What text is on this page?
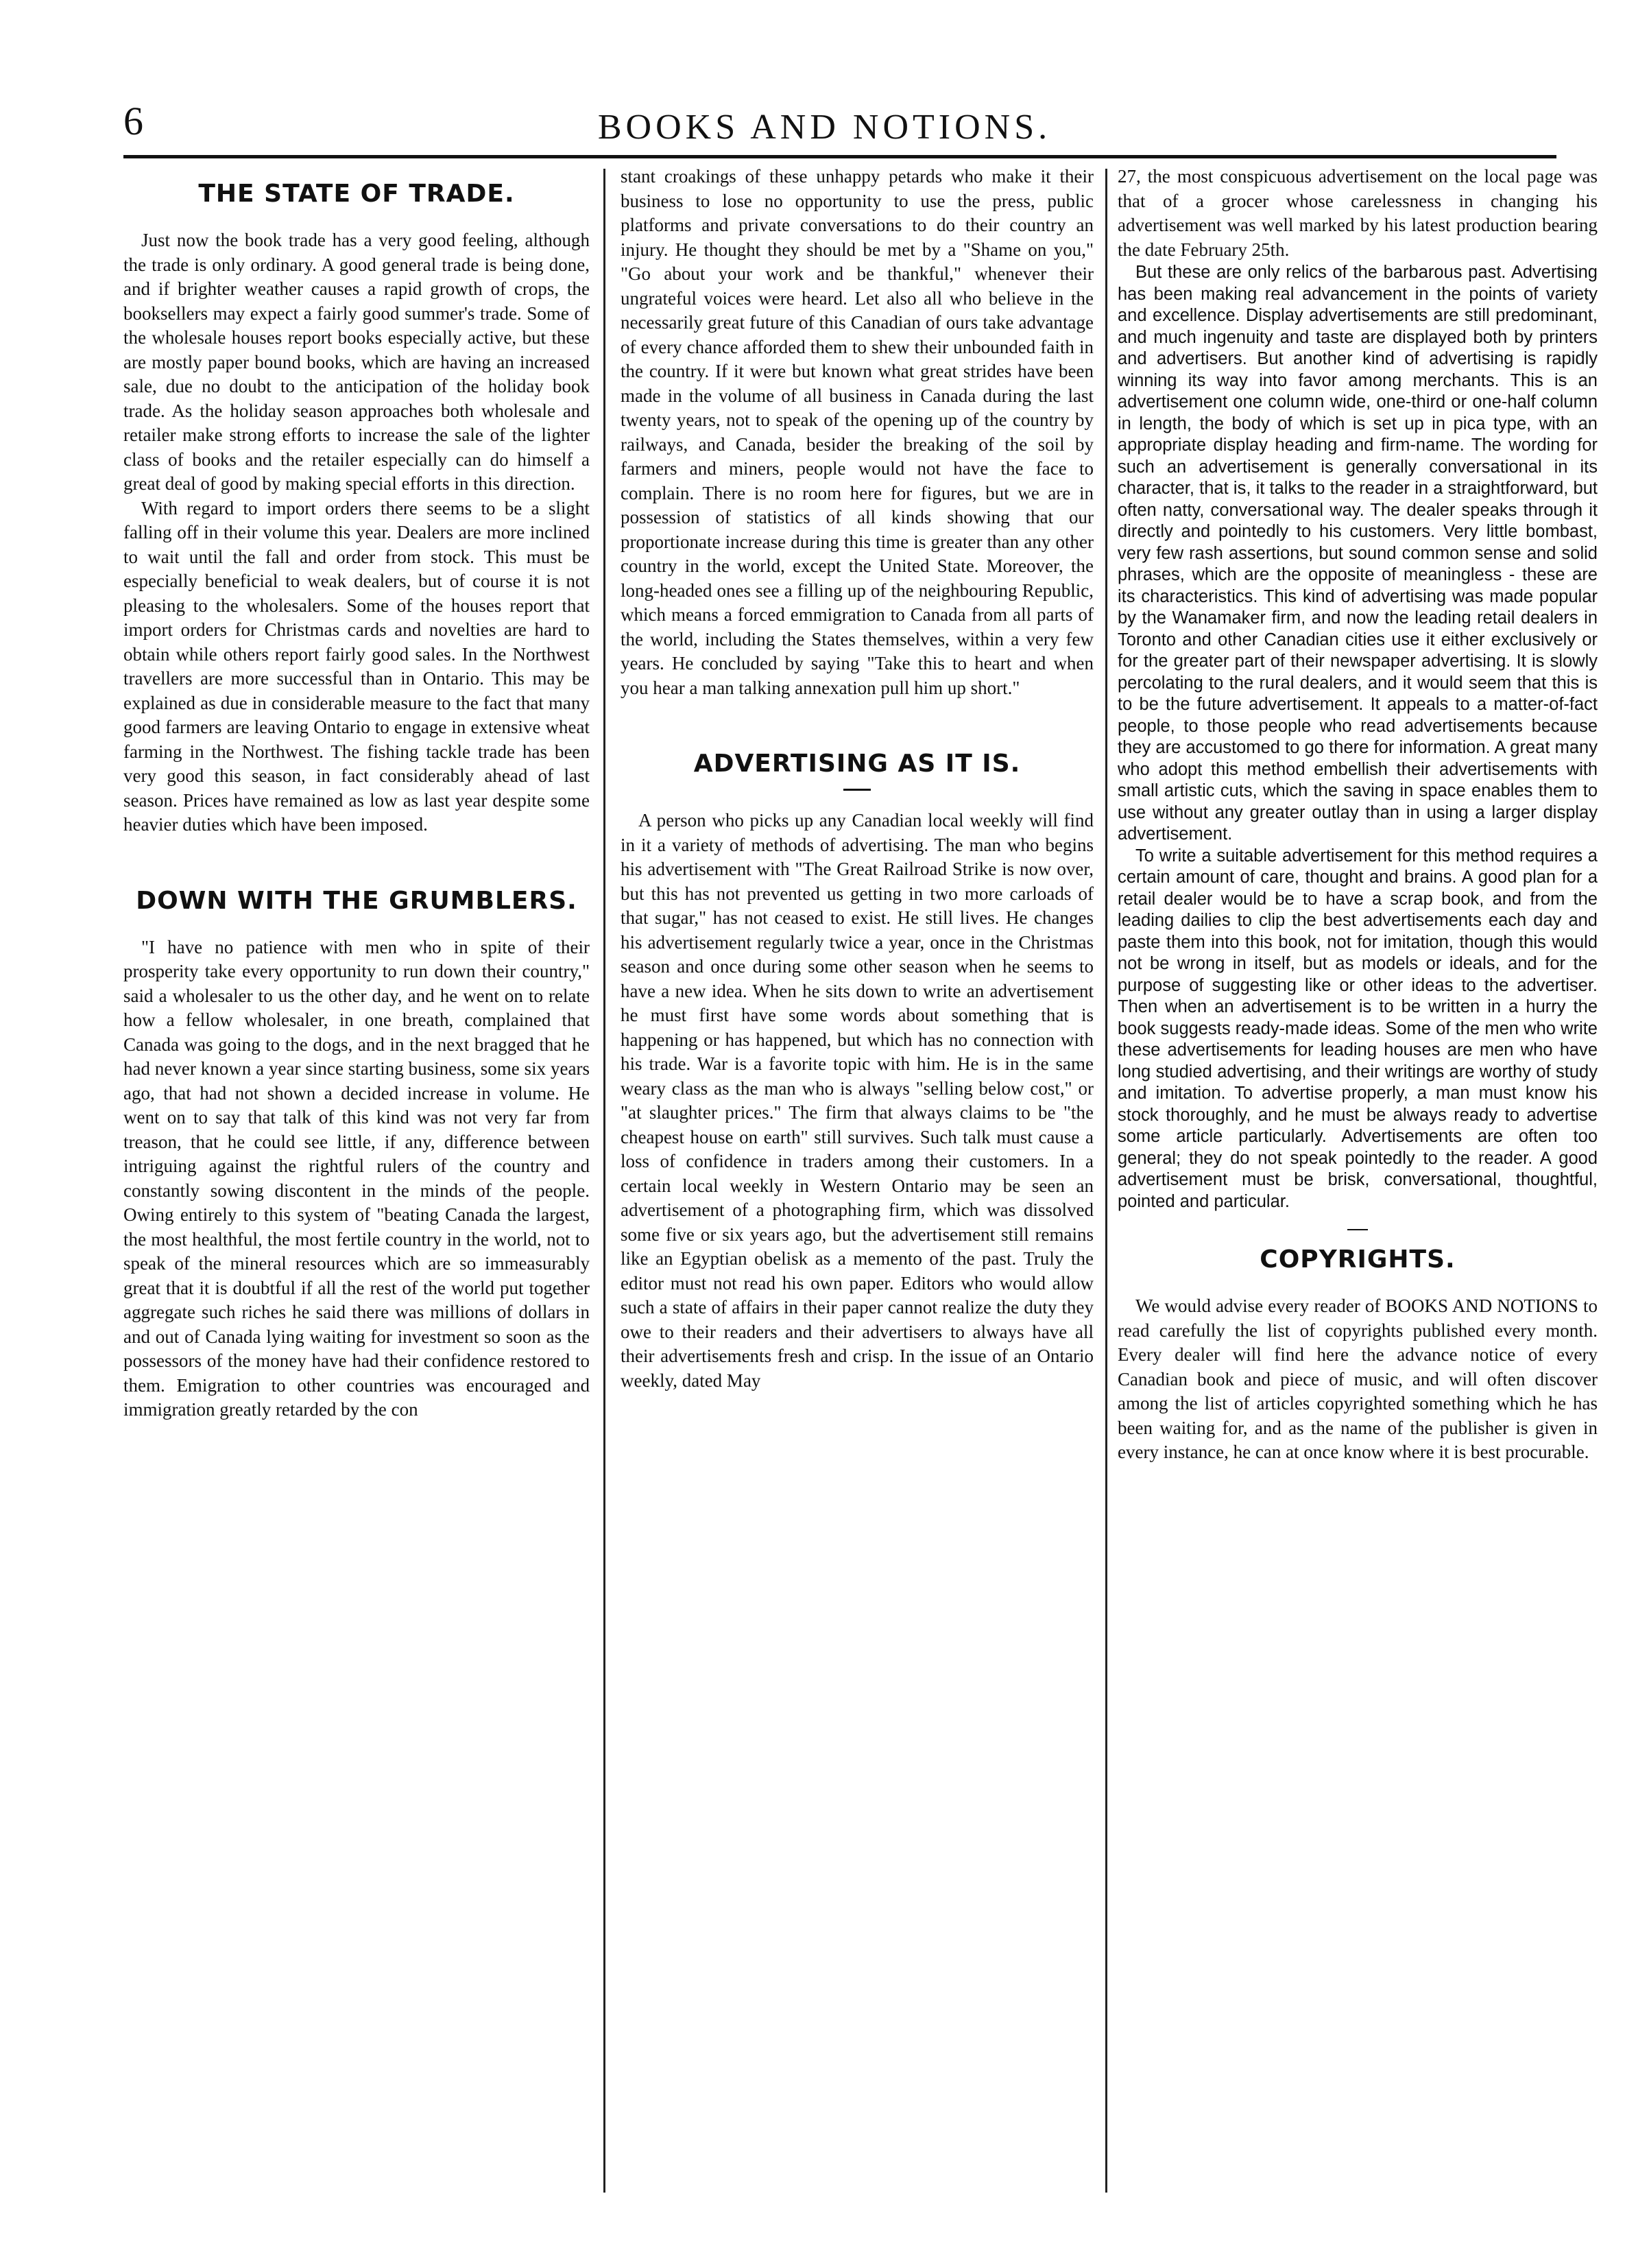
6	BOOKS AND NOTIONS.
THE STATE OF TRADE.

Just now the book trade has a very good feeling, although the trade is only ordinary. A good general trade is being done, and if brighter weather causes a rapid growth of crops, the booksellers may expect a fairly good summer's trade. Some of the wholesale houses report books especially active, but these are mostly paper bound books, which are having an increased sale, due no doubt to the anticipation of the holiday book trade. As the holiday season approaches both wholesale and retailer make strong efforts to increase the sale of the lighter class of books and the retailer especially can do himself a great deal of good by making special efforts in this direction.

With regard to import orders there seems to be a slight falling off in their volume this year. Dealers are more inclined to wait until the fall and order from stock. This must be especially beneficial to weak dealers, but of course it is not pleasing to the wholesalers. Some of the houses report that import orders for Christmas cards and novelties are hard to obtain while others report fairly good sales. In the Northwest travellers are more successful than in Ontario. This may be explained as due in considerable measure to the fact that many good farmers are leaving Ontario to engage in extensive wheat farming in the Northwest. The fishing tackle trade has been very good this season, in fact considerably ahead of last season. Prices have remained as low as last year despite some heavier duties which have been imposed.

DOWN WITH THE GRUMBLERS.

"I have no patience with men who in spite of their prosperity take every opportunity to run down their country," said a wholesaler to us the other day, and he went on to relate how a fellow wholesaler, in one breath, complained that Canada was going to the dogs, and in the next bragged that he had never known a year since starting business, some six years ago, that had not shown a decided increase in volume. He went on to say that talk of this kind was not very far from treason, that he could see little, if any, difference between intriguing against the rightful rulers of the country and constantly sowing discontent in the minds of the people. Owing entirely to this system of "beating Canada the largest, the most healthful, the most fertile country in the world, not to speak of the mineral resources which are so immeasurably great that it is doubtful if all the rest of the world put together aggregate such riches he said there was millions of dollars in and out of Canada lying waiting for investment so soon as the possessors of the money have had their confidence restored to them. Emigration to other countries was encouraged and immigration greatly retarded by the con

stant croakings of these unhappy petards who make it their business to lose no opportunity to use the press, public platforms and private conversations to do their country an injury. He thought they should be met by a "Shame on you," "Go about your work and be thankful," whenever their ungrateful voices were heard. Let also all who believe in the necessarily great future of this Canadian of ours take advantage of every chance afforded them to shew their unbounded faith in the country. If it were but known what great strides have been made in the volume of all business in Canada during the last twenty years, not to speak of the opening up of the country by railways, and Canada, besider the breaking of the soil by farmers and miners, people would not have the face to complain. There is no room here for figures, but we are in possession of statistics of all kinds showing that our proportionate increase during this time is greater than any other country in the world, except the United State. Moreover, the long-headed ones see a filling up of the neighbouring Republic, which means a forced emmigration to Canada from all parts of the world, including the States themselves, within a very few years. He concluded by saying "Take this to heart and when you hear a man talking annexation pull him up short."

ADVERTISING AS IT IS.

A person who picks up any Canadian local weekly will find in it a variety of methods of advertising. The man who begins his advertisement with "The Great Railroad Strike is now over, but this has not prevented us getting in two more carloads of that sugar," has not ceased to exist. He still lives. He changes his advertisement regularly twice a year, once in the Christmas season and once during some other season when he seems to have a new idea. When he sits down to write an advertisement he must first have some words about something that is happening or has happened, but which has no connection with his trade. War is a favorite topic with him. He is in the same weary class as the man who is always "selling below cost," or "at slaughter prices." The firm that always claims to be "the cheapest house on earth" still survives. Such talk must cause a loss of confidence in traders among their customers. In a certain local weekly in Western Ontario may be seen an advertisement of a photographing firm, which was dissolved some five or six years ago, but the advertisement still remains like an Egyptian obelisk as a memento of the past. Truly the editor must not read his own paper. Editors who would allow such a state of affairs in their paper cannot realize the duty they owe to their readers and their advertisers to always have all their advertisements fresh and crisp. In the issue of an Ontario weekly, dated May

27, the most conspicuous advertisement on the local page was that of a grocer whose carelessness in changing his advertisement was well marked by his latest production bearing the date February 25th.

But these are only relics of the barbarous past. Advertising has been making real advancement in the points of variety and excellence. Display advertisements are still predominant, and much ingenuity and taste are displayed both by printers and advertisers. But another kind of advertising is rapidly winning its way into favor among merchants. This is an advertisement one column wide, one-third or one-half column in length, the body of which is set up in pica type, with an appropriate display heading and firm-name. The wording for such an advertisement is generally conversational in its character, that is, it talks to the reader in a straightforward, but often natty, conversational way. The dealer speaks through it directly and pointedly to his customers. Very little bombast, very few rash assertions, but sound common sense and solid phrases, which are the opposite of meaningless - these are its characteristics. This kind of advertising was made popular by the Wanamaker firm, and now the leading retail dealers in Toronto and other Canadian cities use it either exclusively or for the greater part of their newspaper advertising. It is slowly percolating to the rural dealers, and it would seem that this is to be the future advertisement. It appeals to a matter-of-fact people, to those people who read advertisements because they are accustomed to go there for information. A great many who adopt this method embellish their advertisements with small artistic cuts, which the saving in space enables them to use without any greater outlay than in using a larger display advertisement.

To write a suitable advertisement for this method requires a certain amount of care, thought and brains. A good plan for a retail dealer would be to have a scrap book, and from the leading dailies to clip the best advertisements each day and paste them into this book, not for imitation, though this would not be wrong in itself, but as models or ideals, and for the purpose of suggesting like or other ideas to the advertiser. Then when an advertisement is to be written in a hurry the book suggests ready-made ideas. Some of the men who write these advertisements for leading houses are men who have long studied advertising, and their writings are worthy of study and imitation. To advertise properly, a man must know his stock thoroughly, and he must be always ready to advertise some article particularly. Advertisements are often too general; they do not speak pointedly to the reader. A good advertisement must be brisk, conversational, thoughtful, pointed and particular.

COPYRIGHTS.

We would advise every reader of BOOKS AND NOTIONS to read carefully the list of copyrights published every month. Every dealer will find here the advance notice of every Canadian book and piece of music, and will often discover among the list of articles copyrighted something which he has been waiting for, and as the name of the publisher is given in every instance, he can at once know where it is best procurable.
